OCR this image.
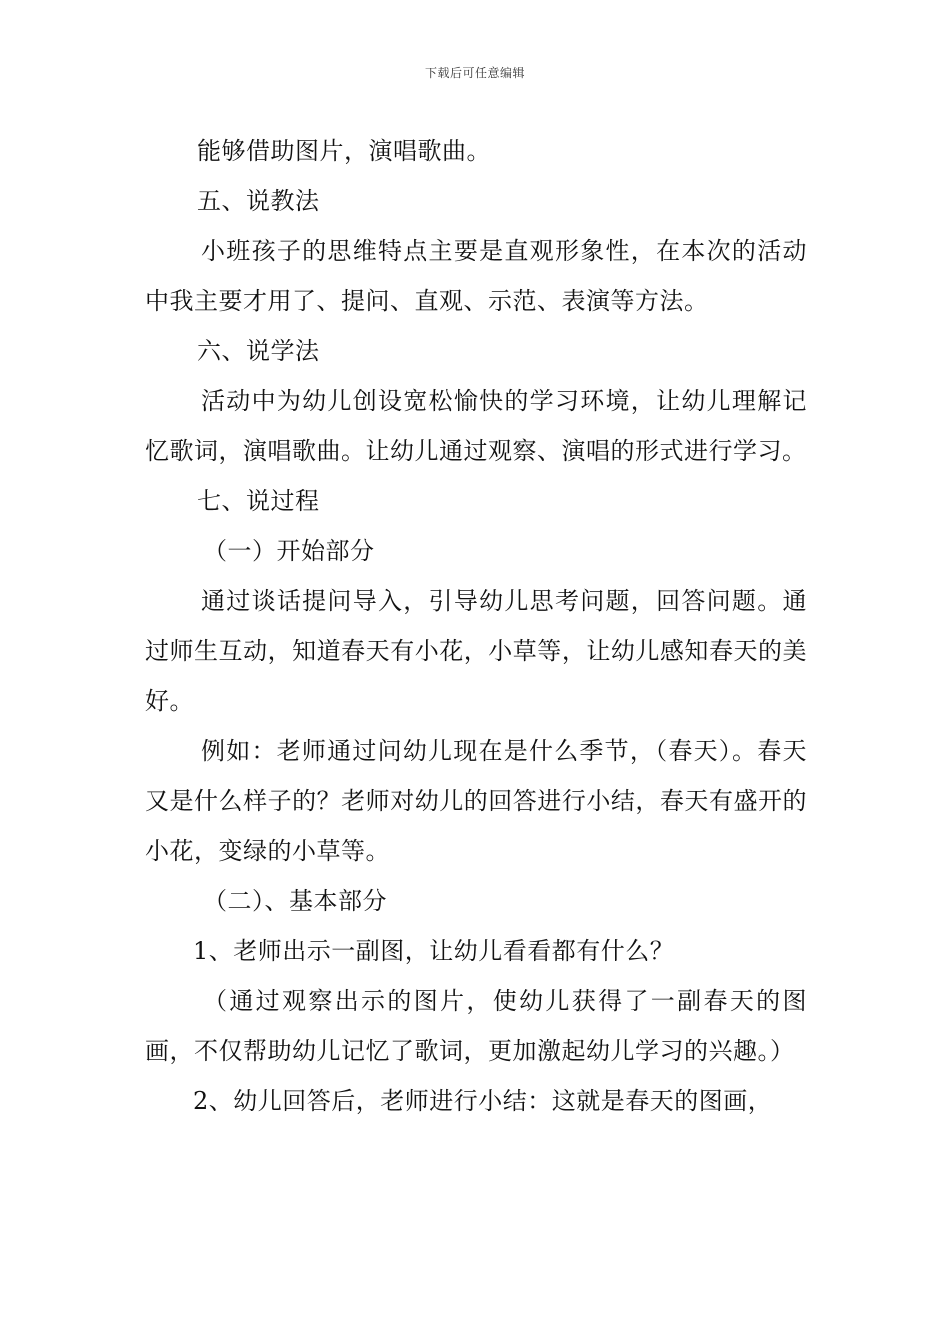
下载后可任意编辑

能够借助图片，演唱歌曲。

五、说教法

小班孩子的思维特点主要是直观形象性，在本次的活动中我主要才用了、提问、直观、示范、表演等方法。

六、说学法

活动中为幼儿创设宽松愉快的学习环境，让幼儿理解记忆歌词，演唱歌曲。让幼儿通过观察、演唱的形式进行学习。

七、说过程

（一）开始部分

通过谈话提问导入，引导幼儿思考问题，回答问题。通过师生互动，知道春天有小花，小草等，让幼儿感知春天的美好。

例如：老师通过问幼儿现在是什么季节，（春天）。春天又是什么样子的？老师对幼儿的回答进行小结，春天有盛开的小花，变绿的小草等。

（二）、基本部分

1、老师出示一副图，让幼儿看看都有什么？

（通过观察出示的图片，使幼儿获得了一副春天的图画，不仅帮助幼儿记忆了歌词，更加激起幼儿学习的兴趣。）

2、幼儿回答后，老师进行小结：这就是春天的图画，
